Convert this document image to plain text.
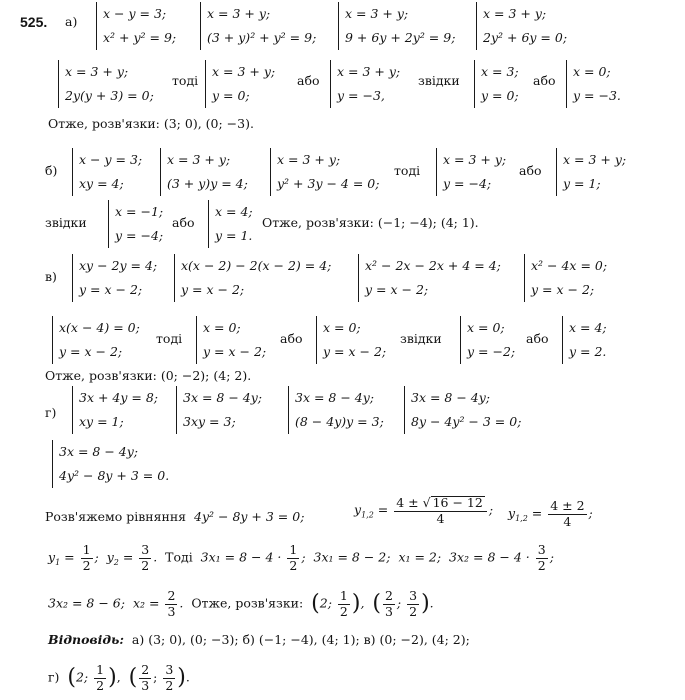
525. а)
x − y = 3;
x² + y² = 9;
x = 3 + y;
(3 + y)² + y² = 9;
x = 3 + y;
9 + 6y + 2y² = 9;
x = 3 + y;
2y² + 6y = 0;
x = 3 + y;
2y(y + 3) = 0;
тоді
x = 3 + y;
y = 0;
або
x = 3 + y;
y = −3,
звідки
x = 3;
y = 0;
або
x = 0;
y = −3.
Отже, розв'язки: (3; 0), (0; −3).
б)
x − y = 3;
xy = 4;
x = 3 + y;
(3 + y)y = 4;
x = 3 + y;
y² + 3y − 4 = 0;
тоді
x = 3 + y;
y = −4;
або
x = 3 + y;
y = 1;
звідки
x = −1;
y = −4;
або
x = 4;
y = 1.
Отже, розв'язки: (−1; −4); (4; 1).
в)
xy − 2y = 4;
y = x − 2;
x(x − 2) − 2(x − 2) = 4;
y = x − 2;
x² − 2x − 2x + 4 = 4;
y = x − 2;
x² − 4x = 0;
y = x − 2;
x(x − 4) = 0;
y = x − 2;
тоді
x = 0;
y = x − 2;
або
x = 0;
y = x − 2;
звідки
x = 0;
y = −2;
або
x = 4;
y = 2.
Отже, розв'язки: (0; −2); (4; 2).
г)
3x + 4y = 8;
xy = 1;
3x = 8 − 4y;
3xy = 3;
3x = 8 − 4y;
(8 − 4y)y = 3;
3x = 8 − 4y;
8y − 4y² − 3 = 0;
3x = 8 − 4y;
4y² − 8y + 3 = 0.
Розв'яжемо рівняння 4y² − 8y + 3 = 0;	$y_{1,2} = \frac{4 \pm √ 16 - 12}{4}$ ; $y_{1,2} = \frac{4 \pm 2}{4}$ ;
$y_1 = \frac{1}{2}$ ;  $y_2 = \frac{3}{2}$ .  Тоді $3x_1 = 8 - 4 \cdot \frac{1}{2}$ ;  3x₁ = 8 − 2; x₁ = 2; $3x_2 = 8 - 4 \cdot \frac{3}{2}$ ;
3x₂ = 8 − 6; $x_2 = \frac{2}{3}$ .  Отже, розв'язки: (2; $\frac{1}{2}$ ),  ( $\frac{2}{3}$ ; $\frac{3}{2}$ ).
Відповідь: а) (3; 0), (0; −3); б) (−1; −4), (4; 1); в) (0; −2), (4; 2);
г) (2; $\frac{1}{2}$ ),  ( $\frac{2}{3}$ ; $\frac{3}{2}$ ).
